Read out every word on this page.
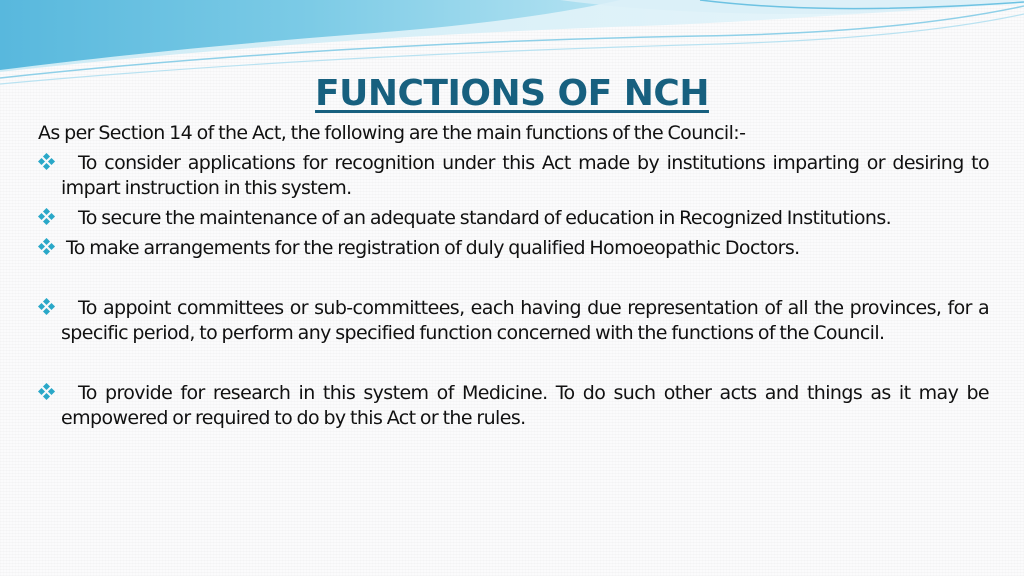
FUNCTIONS OF NCH

As per Section 14 of the Act, the following are the main functions of the Council:-

To consider applications for recognition under this Act made by institutions imparting or desiring to impart instruction in this system.
To secure the maintenance of an adequate standard of education in Recognized Institutions.
To make arrangements for the registration of duly qualified Homoeopathic Doctors.
To appoint committees or sub-committees, each having due representation of all the provinces, for a specific period, to perform any specified function concerned with the functions of the Council.
To provide for research in this system of Medicine. To do such other acts and things as it may be empowered or required to do by this Act or the rules.
